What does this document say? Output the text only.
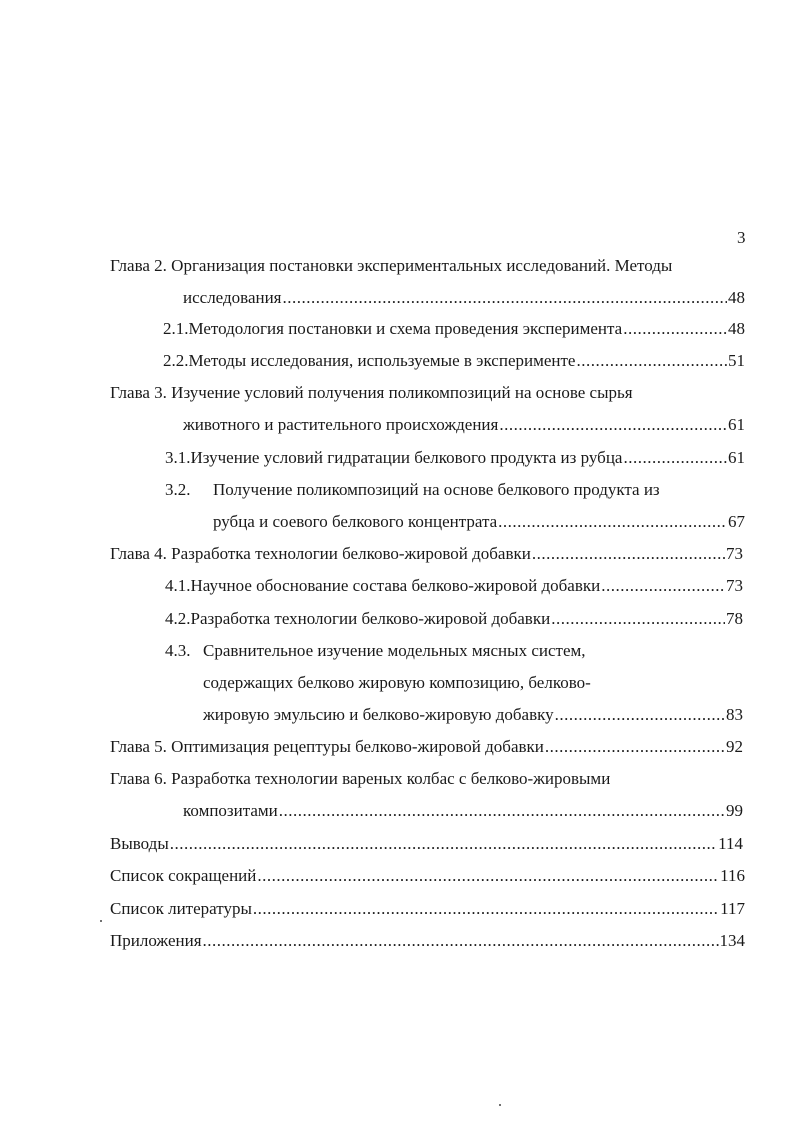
3
Глава 2. Организация постановки экспериментальных исследований. Методы
исследования .....	48
2.1. Методология постановки и схема проведения эксперимента .....	48
2.2. Методы исследования, используемые в эксперименте .....	51
Глава 3. Изучение условий получения поликомпозиций на основе сырья
животного и растительного происхождения .....	61
3.1. Изучение условий гидратации белкового продукта из рубца .....	61
3.2. Получение поликомпозиций на основе белкового продукта из
рубца и соевого белкового концентрата .....	67
Глава 4. Разработка технологии белково-жировой добавки .....	73
4.1. Научное обоснование состава белково-жировой добавки .....	73
4.2. Разработка технологии белково-жировой добавки .....	78
4.3. Сравнительное изучение модельных мясных систем,
содержащих белково жировую композицию, белково-
жировую эмульсию и белково-жировую добавку .....	83
Глава 5. Оптимизация рецептуры белково-жировой добавки .....	92
Глава 6. Разработка технологии вареных колбас с белково-жировыми
композитами .....	99
Выводы .....	114
Список сокращений .....	116
Список литературы .....	117
Приложения .....	134
